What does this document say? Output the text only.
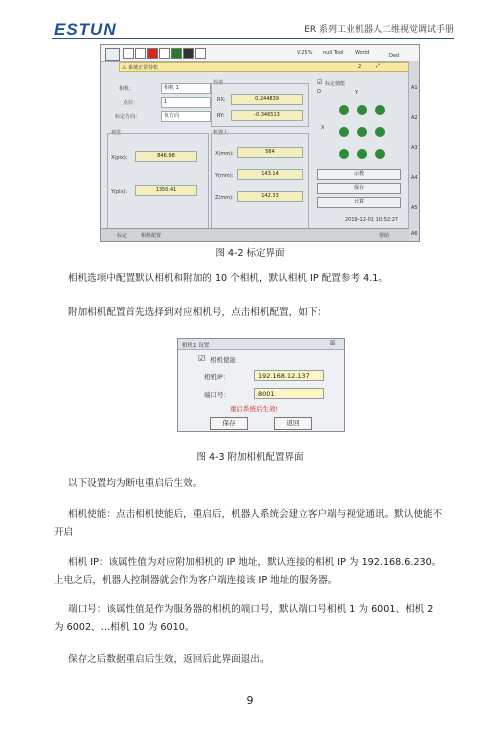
ESTUN	ER 系列工业机器人二维视觉调试手册
V.25% null Tool World	Ded
⚠ 系统正常待机	2	⤢
A1
A2
A3
A4
A5
A6
相机：	相机 1
点位：	1
标定方向：	负方向
误差
RX:	0.244839
RY:	-0.346513
视觉
X(pix):	846.98
Y(pix):	1350.41
机器人
X(mm):	564
Y(mm):	143.14
Z(mm):	142.33
☑ 标定使能
O	Y
X
示教
保存
计算
2019-12-01 10:52:27
标定	相机配置	帮助
图 4-2 标定界面
相机选项中配置默认相机和附加的 10 个相机，默认相机 IP 配置参考 4.1。
附加相机配置首先选择到对应相机号，点击相机配置，如下：
相机1 设置	☒
☑ 相机使能
相机IP：	192.168.12.137
端口号：	8001
重启系统后生效!
保存	返回
图 4-3 附加相机配置界面
以下设置均为断电重启后生效。
相机使能：点击相机使能后，重启后，机器人系统会建立客户端与视觉通讯。默认使能不开启
相机 IP：该属性值为对应附加相机的 IP 地址，默认连接的相机 IP 为 192.168.6.230。上电之后，机器人控制器就会作为客户端连接该 IP 地址的服务器。
端口号：该属性值是作为服务器的相机的端口号，默认端口号相机 1 为 6001、相机 2 为 6002、…相机 10 为 6010。
保存之后数据重启后生效，返回后此界面退出。
9
